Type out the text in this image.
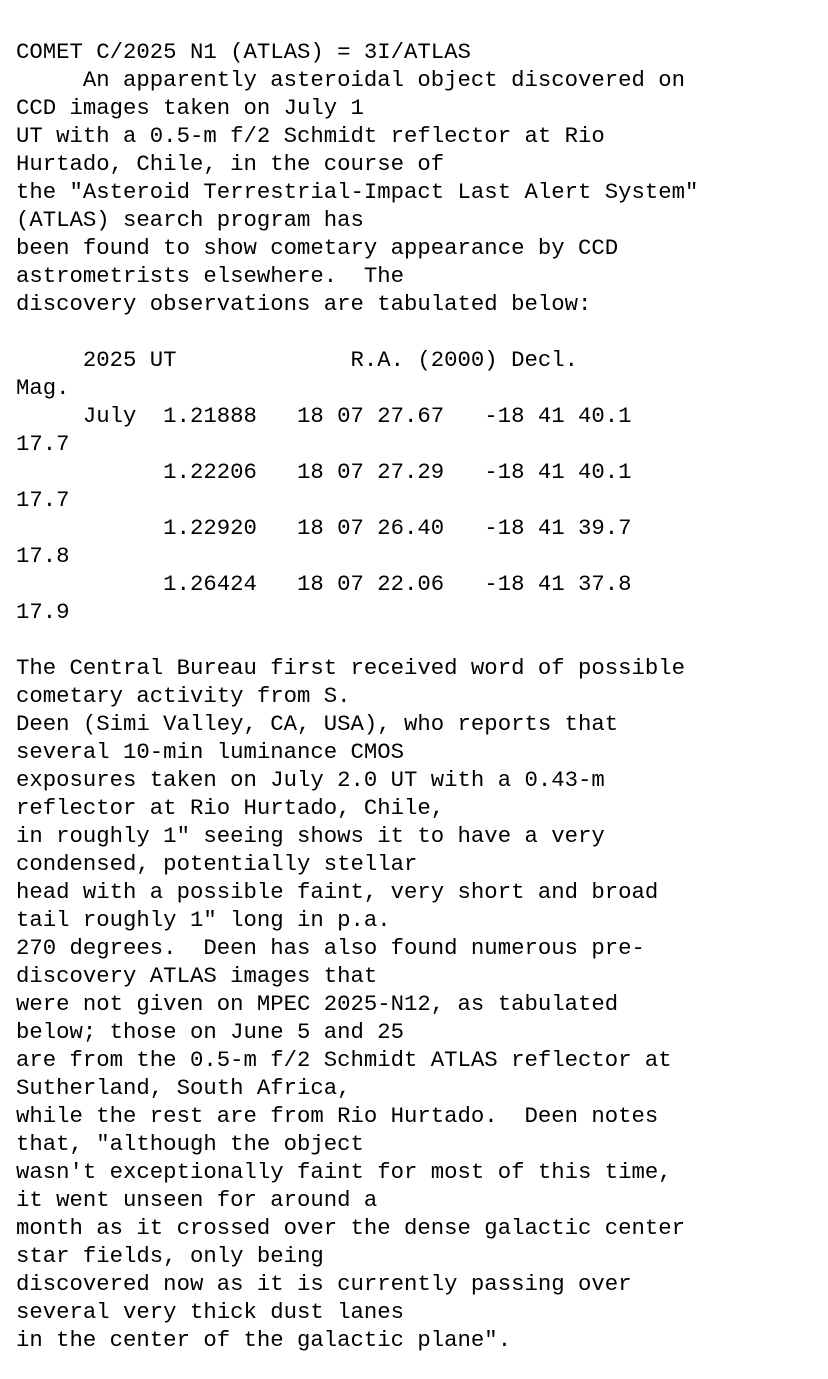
COMET C/2025 N1 (ATLAS) = 3I/ATLAS
An apparently asteroidal object discovered on
CCD images taken on July 1
UT with a 0.5-m f/2 Schmidt reflector at Rio
Hurtado, Chile, in the course of
the "Asteroid Terrestrial-Impact Last Alert System"
(ATLAS) search program has
been found to show cometary appearance by CCD
astrometrists elsewhere.  The
discovery observations are tabulated below:
2025 UT             R.A. (2000) Decl.
Mag.
July  1.21888   18 07 27.67   -18 41 40.1
17.7
1.22206   18 07 27.29   -18 41 40.1
17.7
1.22920   18 07 26.40   -18 41 39.7
17.8
1.26424   18 07 22.06   -18 41 37.8
17.9
The Central Bureau first received word of possible
cometary activity from S.
Deen (Simi Valley, CA, USA), who reports that
several 10-min luminance CMOS
exposures taken on July 2.0 UT with a 0.43-m
reflector at Rio Hurtado, Chile,
in roughly 1" seeing shows it to have a very
condensed, potentially stellar
head with a possible faint, very short and broad
tail roughly 1" long in p.a.
270 degrees.  Deen has also found numerous pre-
discovery ATLAS images that
were not given on MPEC 2025-N12, as tabulated
below; those on June 5 and 25
are from the 0.5-m f/2 Schmidt ATLAS reflector at
Sutherland, South Africa,
while the rest are from Rio Hurtado.  Deen notes
that, "although the object
wasn't exceptionally faint for most of this time,
it went unseen for around a
month as it crossed over the dense galactic center
star fields, only being
discovered now as it is currently passing over
several very thick dust lanes
in the center of the galactic plane".
